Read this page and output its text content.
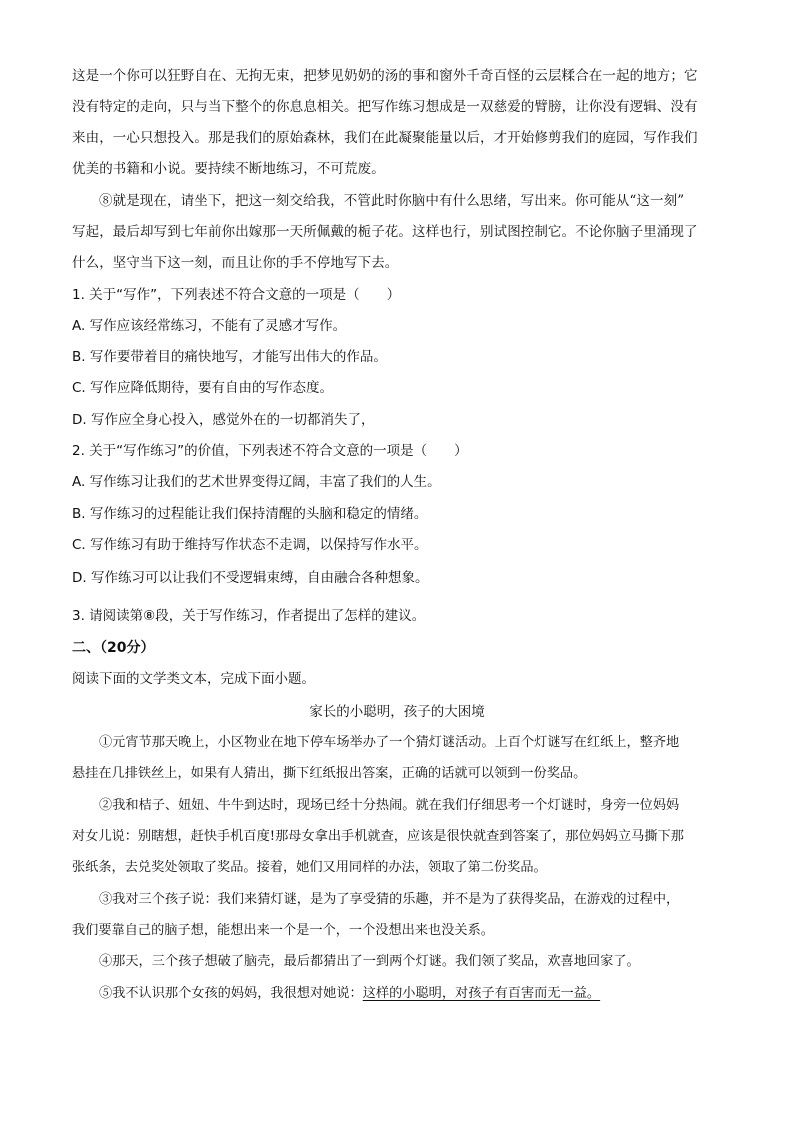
这是一个你可以狂野自在、无拘无束，把梦见奶奶的汤的事和窗外千奇百怪的云层糅合在一起的地方；它
没有特定的走向，只与当下整个的你息息相关。把写作练习想成是一双慈爱的臂膀，让你没有逻辑、没有
来由，一心只想投入。那是我们的原始森林，我们在此凝聚能量以后，才开始修剪我们的庭园，写作我们
优美的书籍和小说。要持续不断地练习，不可荒废。
⑧就是现在，请坐下，把这一刻交给我，不管此时你脑中有什么思绪，写出来。你可能从“这一刻”
写起，最后却写到七年前你出嫁那一天所佩戴的栀子花。这样也行，别试图控制它。不论你脑子里涌现了
什么，坚守当下这一刻，而且让你的手不停地写下去。
1. 关于“写作”，下列表述不符合文意的一项是（　　）
A. 写作应该经常练习，不能有了灵感才写作。
B. 写作要带着目的痛快地写，才能写出伟大的作品。
C. 写作应降低期待，要有自由的写作态度。
D. 写作应全身心投入，感觉外在的一切都消失了，
2. 关于“写作练习”的价值，下列表述不符合文意的一项是（　　）
A. 写作练习让我们的艺术世界变得辽阔，丰富了我们的人生。
B. 写作练习的过程能让我们保持清醒的头脑和稳定的情绪。
C. 写作练习有助于维持写作状态不走调，以保持写作水平。
D. 写作练习可以让我们不受逻辑束缚，自由融合各种想象。
3. 请阅读第⑧段，关于写作练习，作者提出了怎样的建议。
二、（20分）
阅读下面的文学类文本，完成下面小题。
家长的小聪明，孩子的大困境
①元宵节那天晚上，小区物业在地下停车场举办了一个猜灯谜活动。上百个灯谜写在红纸上，整齐地
悬挂在几排铁丝上，如果有人猜出，撕下红纸报出答案，正确的话就可以领到一份奖品。
②我和桔子、妞妞、牛牛到达时，现场已经十分热闹。就在我们仔细思考一个灯谜时，身旁一位妈妈
对女儿说：别瞎想，赶快手机百度!那母女拿出手机就查，应该是很快就查到答案了，那位妈妈立马撕下那
张纸条，去兑奖处领取了奖品。接着，她们又用同样的办法，领取了第二份奖品。
③我对三个孩子说：我们来猜灯谜，是为了享受猜的乐趣，并不是为了获得奖品，在游戏的过程中，
我们要靠自己的脑子想，能想出来一个是一个，一个没想出来也没关系。
④那天，三个孩子想破了脑壳，最后都猜出了一到两个灯谜。我们领了奖品，欢喜地回家了。
⑤我不认识那个女孩的妈妈，我很想对她说：这样的小聪明，对孩子有百害而无一益。
